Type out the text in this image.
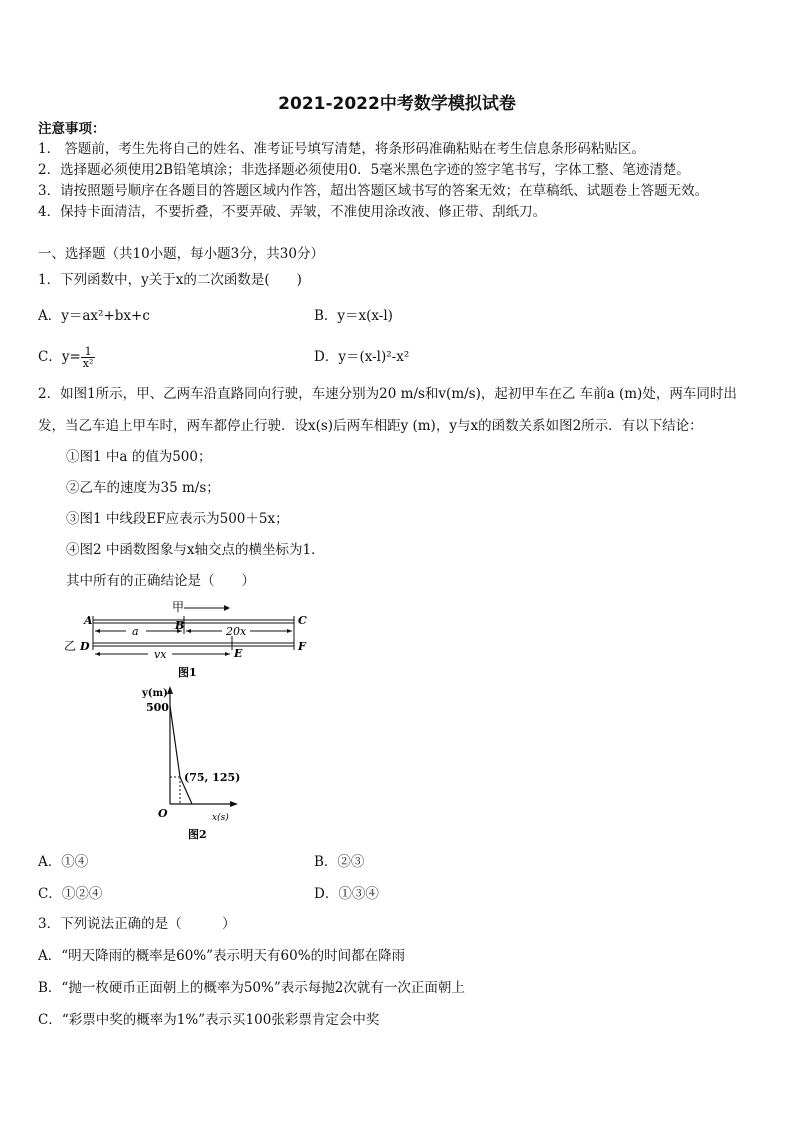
2021-2022中考数学模拟试卷
注意事项：
1． 答题前，考生先将自己的姓名、准考证号填写清楚，将条形码准确粘贴在考生信息条形码粘贴区。
2．选择题必须使用2B铅笔填涂；非选择题必须使用0．5毫米黑色字迹的签字笔书写，字体工整、笔迹清楚。
3．请按照题号顺序在各题目的答题区域内作答，超出答题区域书写的答案无效；在草稿纸、试题卷上答题无效。
4．保持卡面清洁，不要折叠，不要弄破、弄皱，不准使用涂改液、修正带、刮纸刀。
一、选择题（共10小题，每小题3分，共30分）
1．下列函数中，y关于x的二次函数是(　　)
A．y＝ax²+bx+c	B．y＝x(x-l)
C．$y= \frac{1}{\text{x²}}$	D．y＝(x-l)²-x²
2．如图1所示，甲、乙两车沿直路同向行驶，车速分别为20 m/s和v(m/s)，起初甲车在乙 车前a (m)处，两车同时出
发，当乙车追上甲车时，两车都停止行驶．设x(s)后两车相距y (m)，y与x的函数关系如图2所示．有以下结论：
①图1 中a 的值为500；
②乙车的速度为35 m/s；
③图1 中线段EF应表示为500＋5x；
④图2 中函数图象与x轴交点的横坐标为1．
其中所有的正确结论是（　　）
甲
A	C
B
a	20x
乙 D
E
F
vx
图1
y(m)
500
(75, 125)
O	x(s)
图2
A．①④	B．②③
C．①②④	D．①③④
3．下列说法正确的是（　　　）
A．“明天降雨的概率是60%”表示明天有60%的时间都在降雨
B．“抛一枚硬币正面朝上的概率为50%”表示每抛2次就有一次正面朝上
C．“彩票中奖的概率为1%”表示买100张彩票肯定会中奖
